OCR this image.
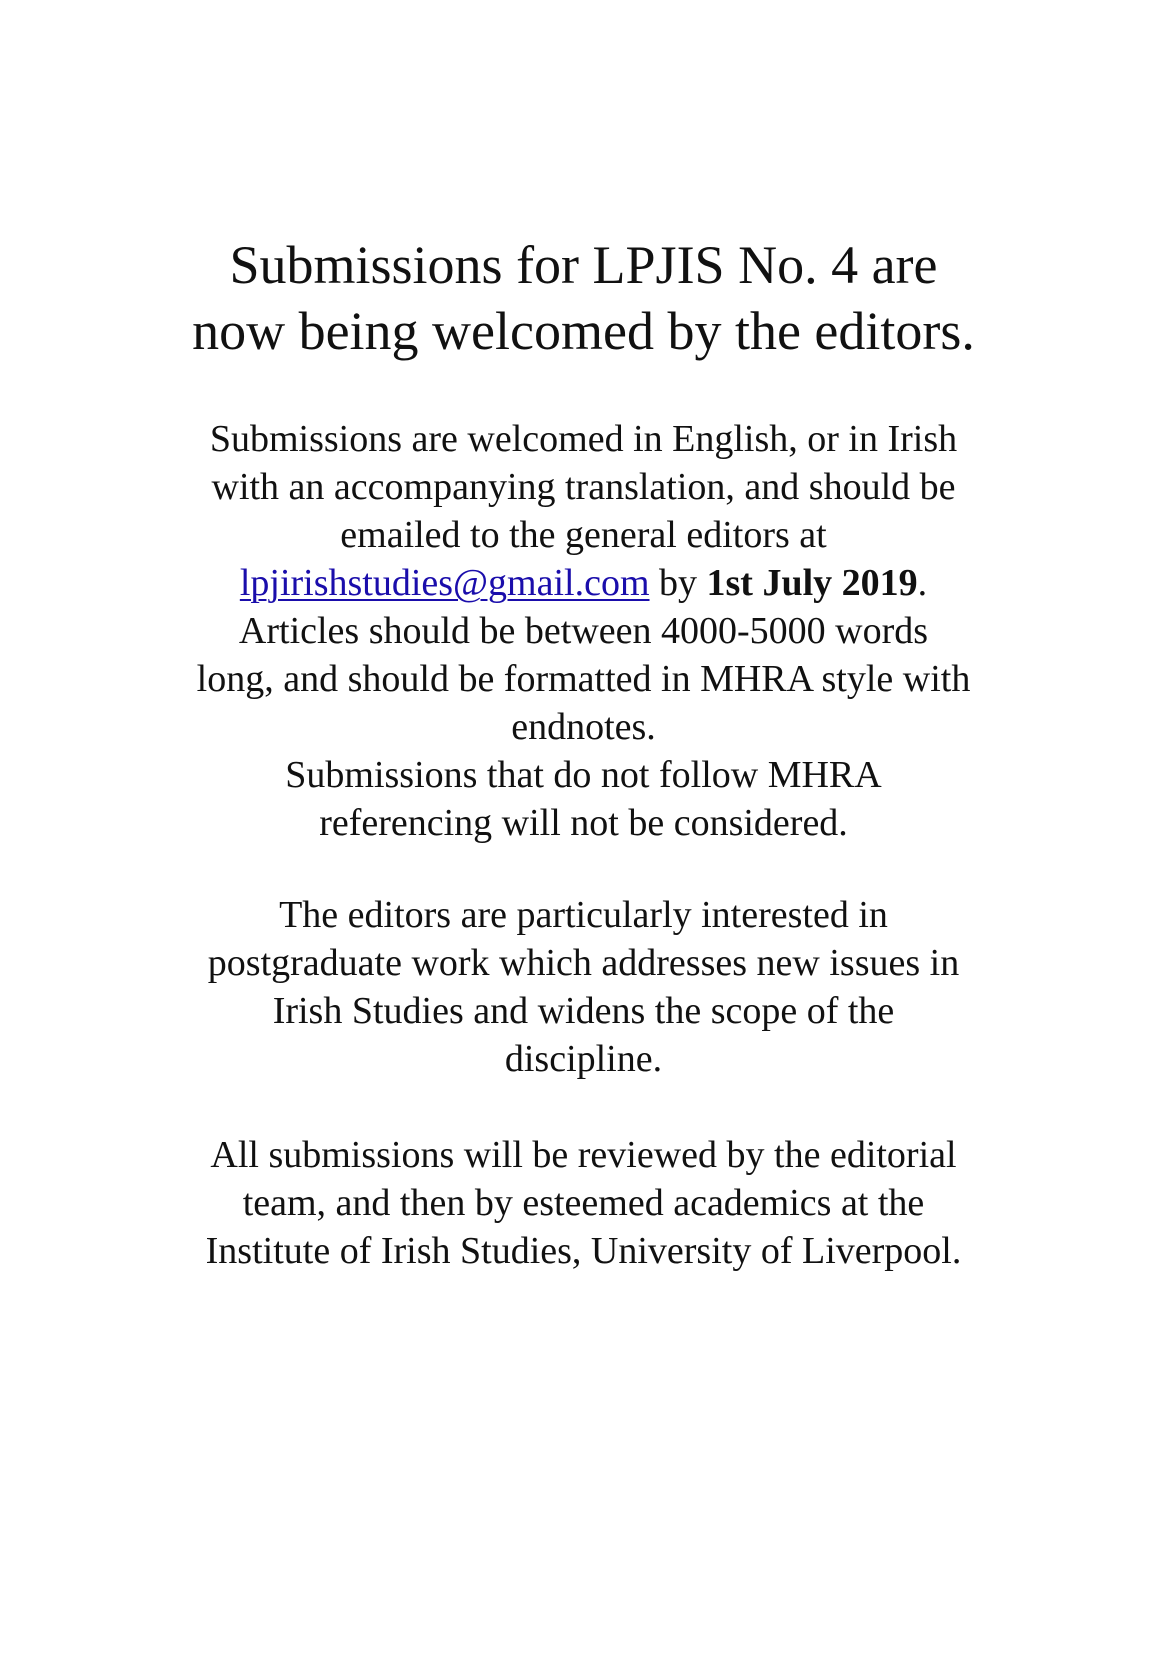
Submissions for LPJIS No. 4 are
now being welcomed by the editors.
Submissions are welcomed in English, or in Irish
with an accompanying translation, and should be
emailed to the general editors at
lpjirishstudies@gmail.com by 1st July 2019.
Articles should be between 4000-5000 words
long, and should be formatted in MHRA style with
endnotes.
Submissions that do not follow MHRA
referencing will not be considered.
The editors are particularly interested in
postgraduate work which addresses new issues in
Irish Studies and widens the scope of the
discipline.
All submissions will be reviewed by the editorial
team, and then by esteemed academics at the
Institute of Irish Studies, University of Liverpool.
